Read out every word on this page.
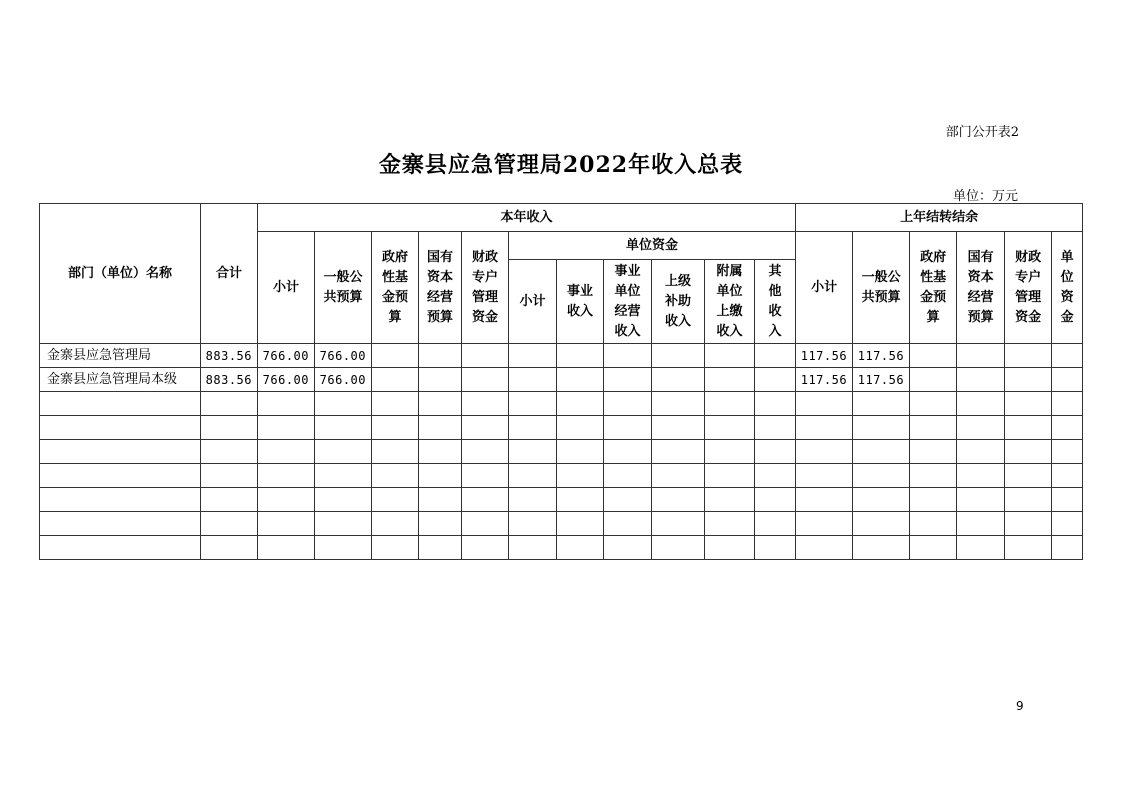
部门公开表2
金寨县应急管理局2022年收入总表
单位：万元
部门（单位）名称	合计	本年收入											上年结转结余					
		小计	一般公共预算	政府性基金预算	国有资本经营预算	财政专户管理资金	单位资金						小计	一般公共预算	政府性基金预算	国有资本经营预算	财政专户管理资金	单位资金
							小计	事业收入	事业单位经营收入	上级补助收入	附属单位上缴收入	其他收入						
金寨县应急管理局	883.56	766.00	766.00										117.56	117.56				
金寨县应急管理局本级	883.56	766.00	766.00										117.56	117.56				

9
